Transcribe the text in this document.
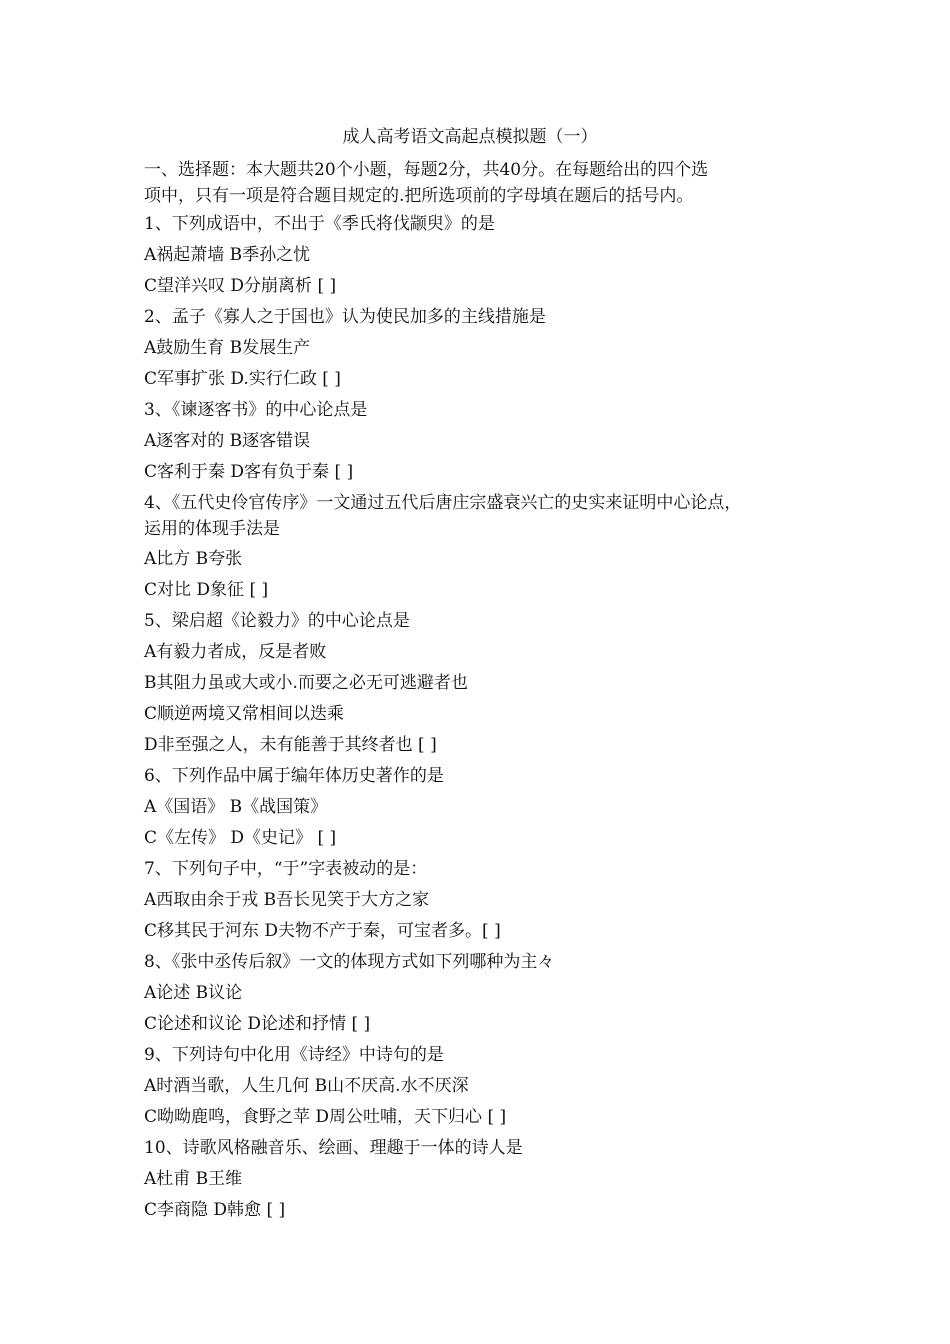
成人高考语文高起点模拟题（一）
一、选择题：本大题共20个小题，每题2分，共40分。在每题给出的四个选
项中，只有一项是符合题目规定的.把所选项前的字母填在题后的括号内。
1、下列成语中，不出于《季氏将伐颛臾》的是
A祸起萧墙 B季孙之忧
C望洋兴叹 D分崩离析 [ ]
2、孟子《寡人之于国也》认为使民加多的主线措施是
A鼓励生育 B发展生产
C军事扩张 D.实行仁政 [ ]
3、《谏逐客书》的中心论点是
A逐客对的 B逐客错误
C客利于秦 D客有负于秦 [ ]
4、《五代史伶官传序》一文通过五代后唐庄宗盛衰兴亡的史实来证明中心论点，
运用的体现手法是
A比方 B夸张
C对比 D象征 [ ]
5、梁启超《论毅力》的中心论点是
A有毅力者成，反是者败
B其阻力虽或大或小.而要之必无可逃避者也
C顺逆两境又常相间以迭乘
D非至强之人，未有能善于其终者也 [ ]
6、下列作品中属于编年体历史著作的是
A《国语》 B《战国策》
C《左传》 D《史记》 [ ]
7、下列句子中，“于”字表被动的是：
A西取由余于戎 B吾长见笑于大方之家
C移其民于河东 D夫物不产于秦，可宝者多。[ ]
8、《张中丞传后叙》一文的体现方式如下列哪种为主々
A论述 B议论
C论述和议论 D论述和抒情 [ ]
9、下列诗句中化用《诗经》中诗句的是
A时酒当歌，人生几何 B山不厌高.水不厌深
C呦呦鹿鸣，食野之苹 D周公吐哺，天下归心 [ ]
10、诗歌风格融音乐、绘画、理趣于一体的诗人是
A杜甫 B王维
C李商隐 D韩愈 [ ]
